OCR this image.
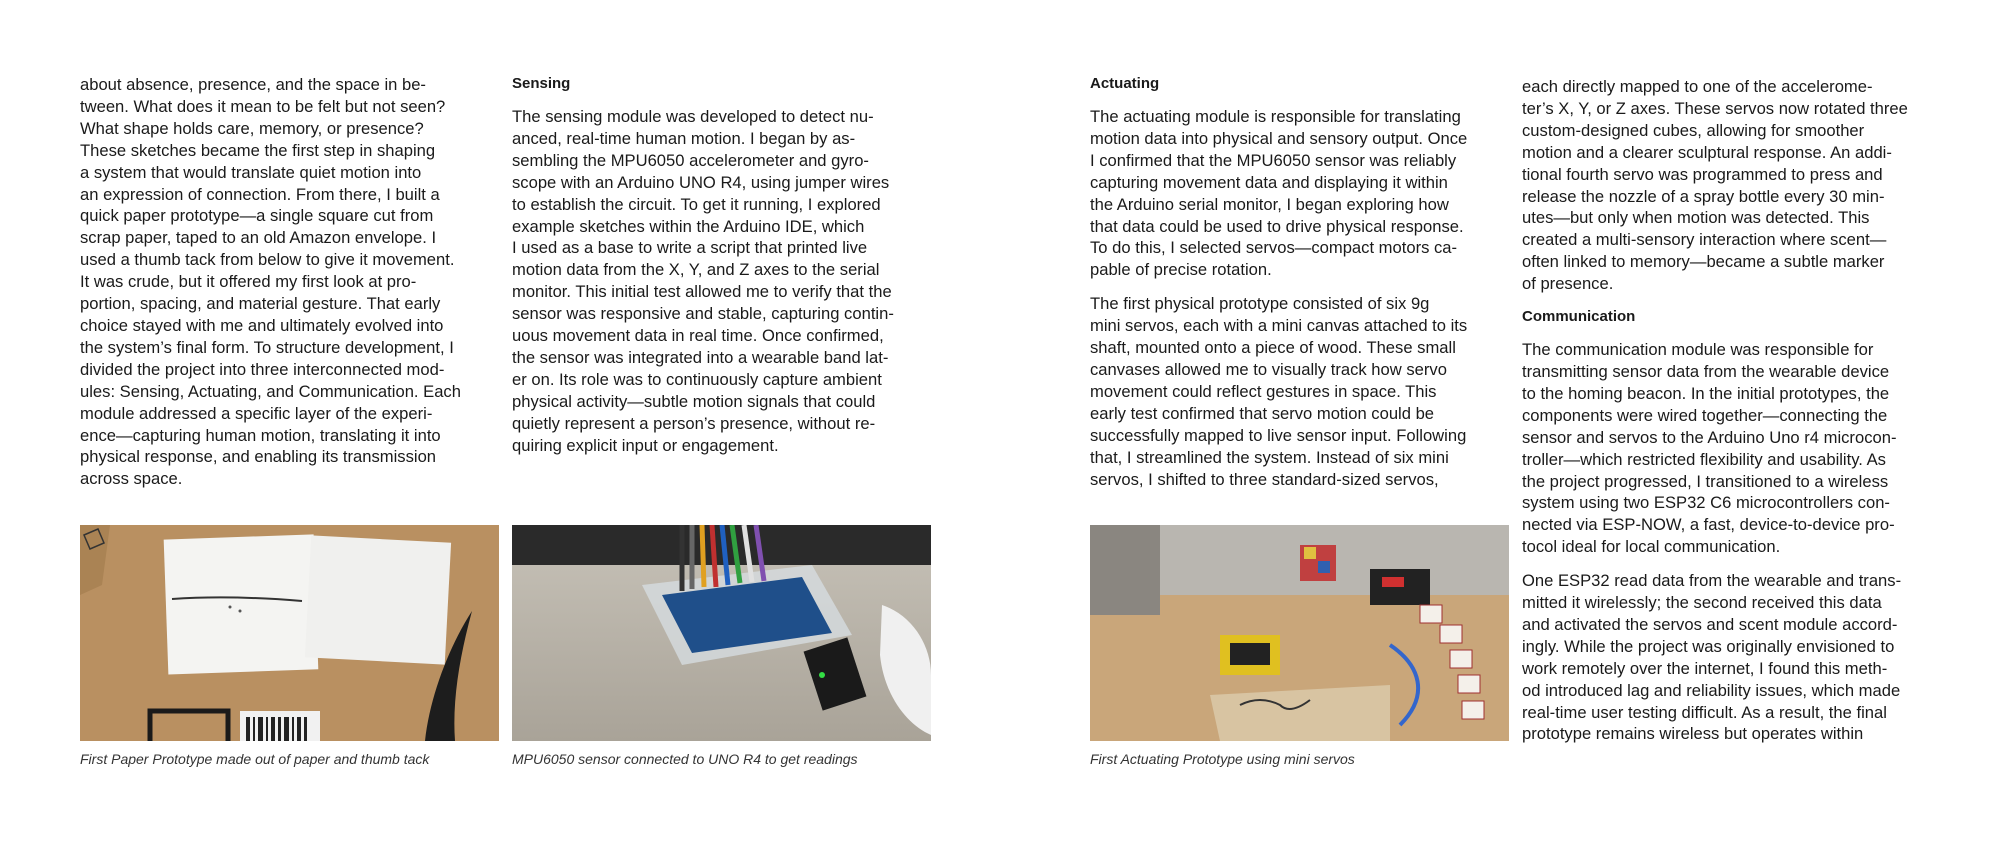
about absence, presence, and the space in be-
tween. What does it mean to be felt but not seen?
What shape holds care, memory, or presence?
These sketches became the first step in shaping
a system that would translate quiet motion into
an expression of connection. From there, I built a
quick paper prototype—a single square cut from
scrap paper, taped to an old Amazon envelope. I
used a thumb tack from below to give it movement.
It was crude, but it offered my first look at pro-
portion, spacing, and material gesture. That early
choice stayed with me and ultimately evolved into
the system’s final form. To structure development, I
divided the project into three interconnected mod-
ules: Sensing, Actuating, and Communication. Each
module addressed a specific layer of the experi-
ence—capturing human motion, translating it into
physical response, and enabling its transmission
across space.

Sensing

The sensing module was developed to detect nu-
anced, real-time human motion. I began by as-
sembling the MPU6050 accelerometer and gyro-
scope with an Arduino UNO R4, using jumper wires
to establish the circuit. To get it running, I explored
example sketches within the Arduino IDE, which
I used as a base to write a script that printed live
motion data from the X, Y, and Z axes to the serial
monitor. This initial test allowed me to verify that the
sensor was responsive and stable, capturing contin-
uous movement data in real time. Once confirmed,
the sensor was integrated into a wearable band lat-
er on. Its role was to continuously capture ambient
physical activity—subtle motion signals that could
quietly represent a person’s presence, without re-
quiring explicit input or engagement.

Actuating

The actuating module is responsible for translating
motion data into physical and sensory output. Once
I confirmed that the MPU6050 sensor was reliably
capturing movement data and displaying it within
the Arduino serial monitor, I began exploring how
that data could be used to drive physical response.
To do this, I selected servos—compact motors ca-
pable of precise rotation.

The first physical prototype consisted of six 9g
mini servos, each with a mini canvas attached to its
shaft, mounted onto a piece of wood. These small
canvases allowed me to visually track how servo
movement could reflect gestures in space. This
early test confirmed that servo motion could be
successfully mapped to live sensor input. Following
that, I streamlined the system. Instead of six mini
servos, I shifted to three standard-sized servos,

each directly mapped to one of the accelerome-
ter’s X, Y, or Z axes. These servos now rotated three
custom-designed cubes, allowing for smoother
motion and a clearer sculptural response. An addi-
tional fourth servo was programmed to press and
release the nozzle of a spray bottle every 30 min-
utes—but only when motion was detected. This
created a multi-sensory interaction where scent—
often linked to memory—became a subtle marker
of presence.

Communication

The communication module was responsible for
transmitting sensor data from the wearable device
to the homing beacon. In the initial prototypes, the
components were wired together—connecting the
sensor and servos to the Arduino Uno r4 microcon-
troller—which restricted flexibility and usability. As
the project progressed, I transitioned to a wireless
system using two ESP32 C6 microcontrollers con-
nected via ESP-NOW, a fast, device-to-device pro-
tocol ideal for local communication.

One ESP32 read data from the wearable and trans-
mitted it wirelessly; the second received this data
and activated the servos and scent module accord-
ingly. While the project was originally envisioned to
work remotely over the internet, I found this meth-
od introduced lag and reliability issues, which made
real-time user testing difficult. As a result, the final
prototype remains wireless but operates within

First Paper Prototype made out of paper and thumb tack	MPU6050 sensor connected to UNO R4 to get readings	First Actuating Prototype using mini servos
